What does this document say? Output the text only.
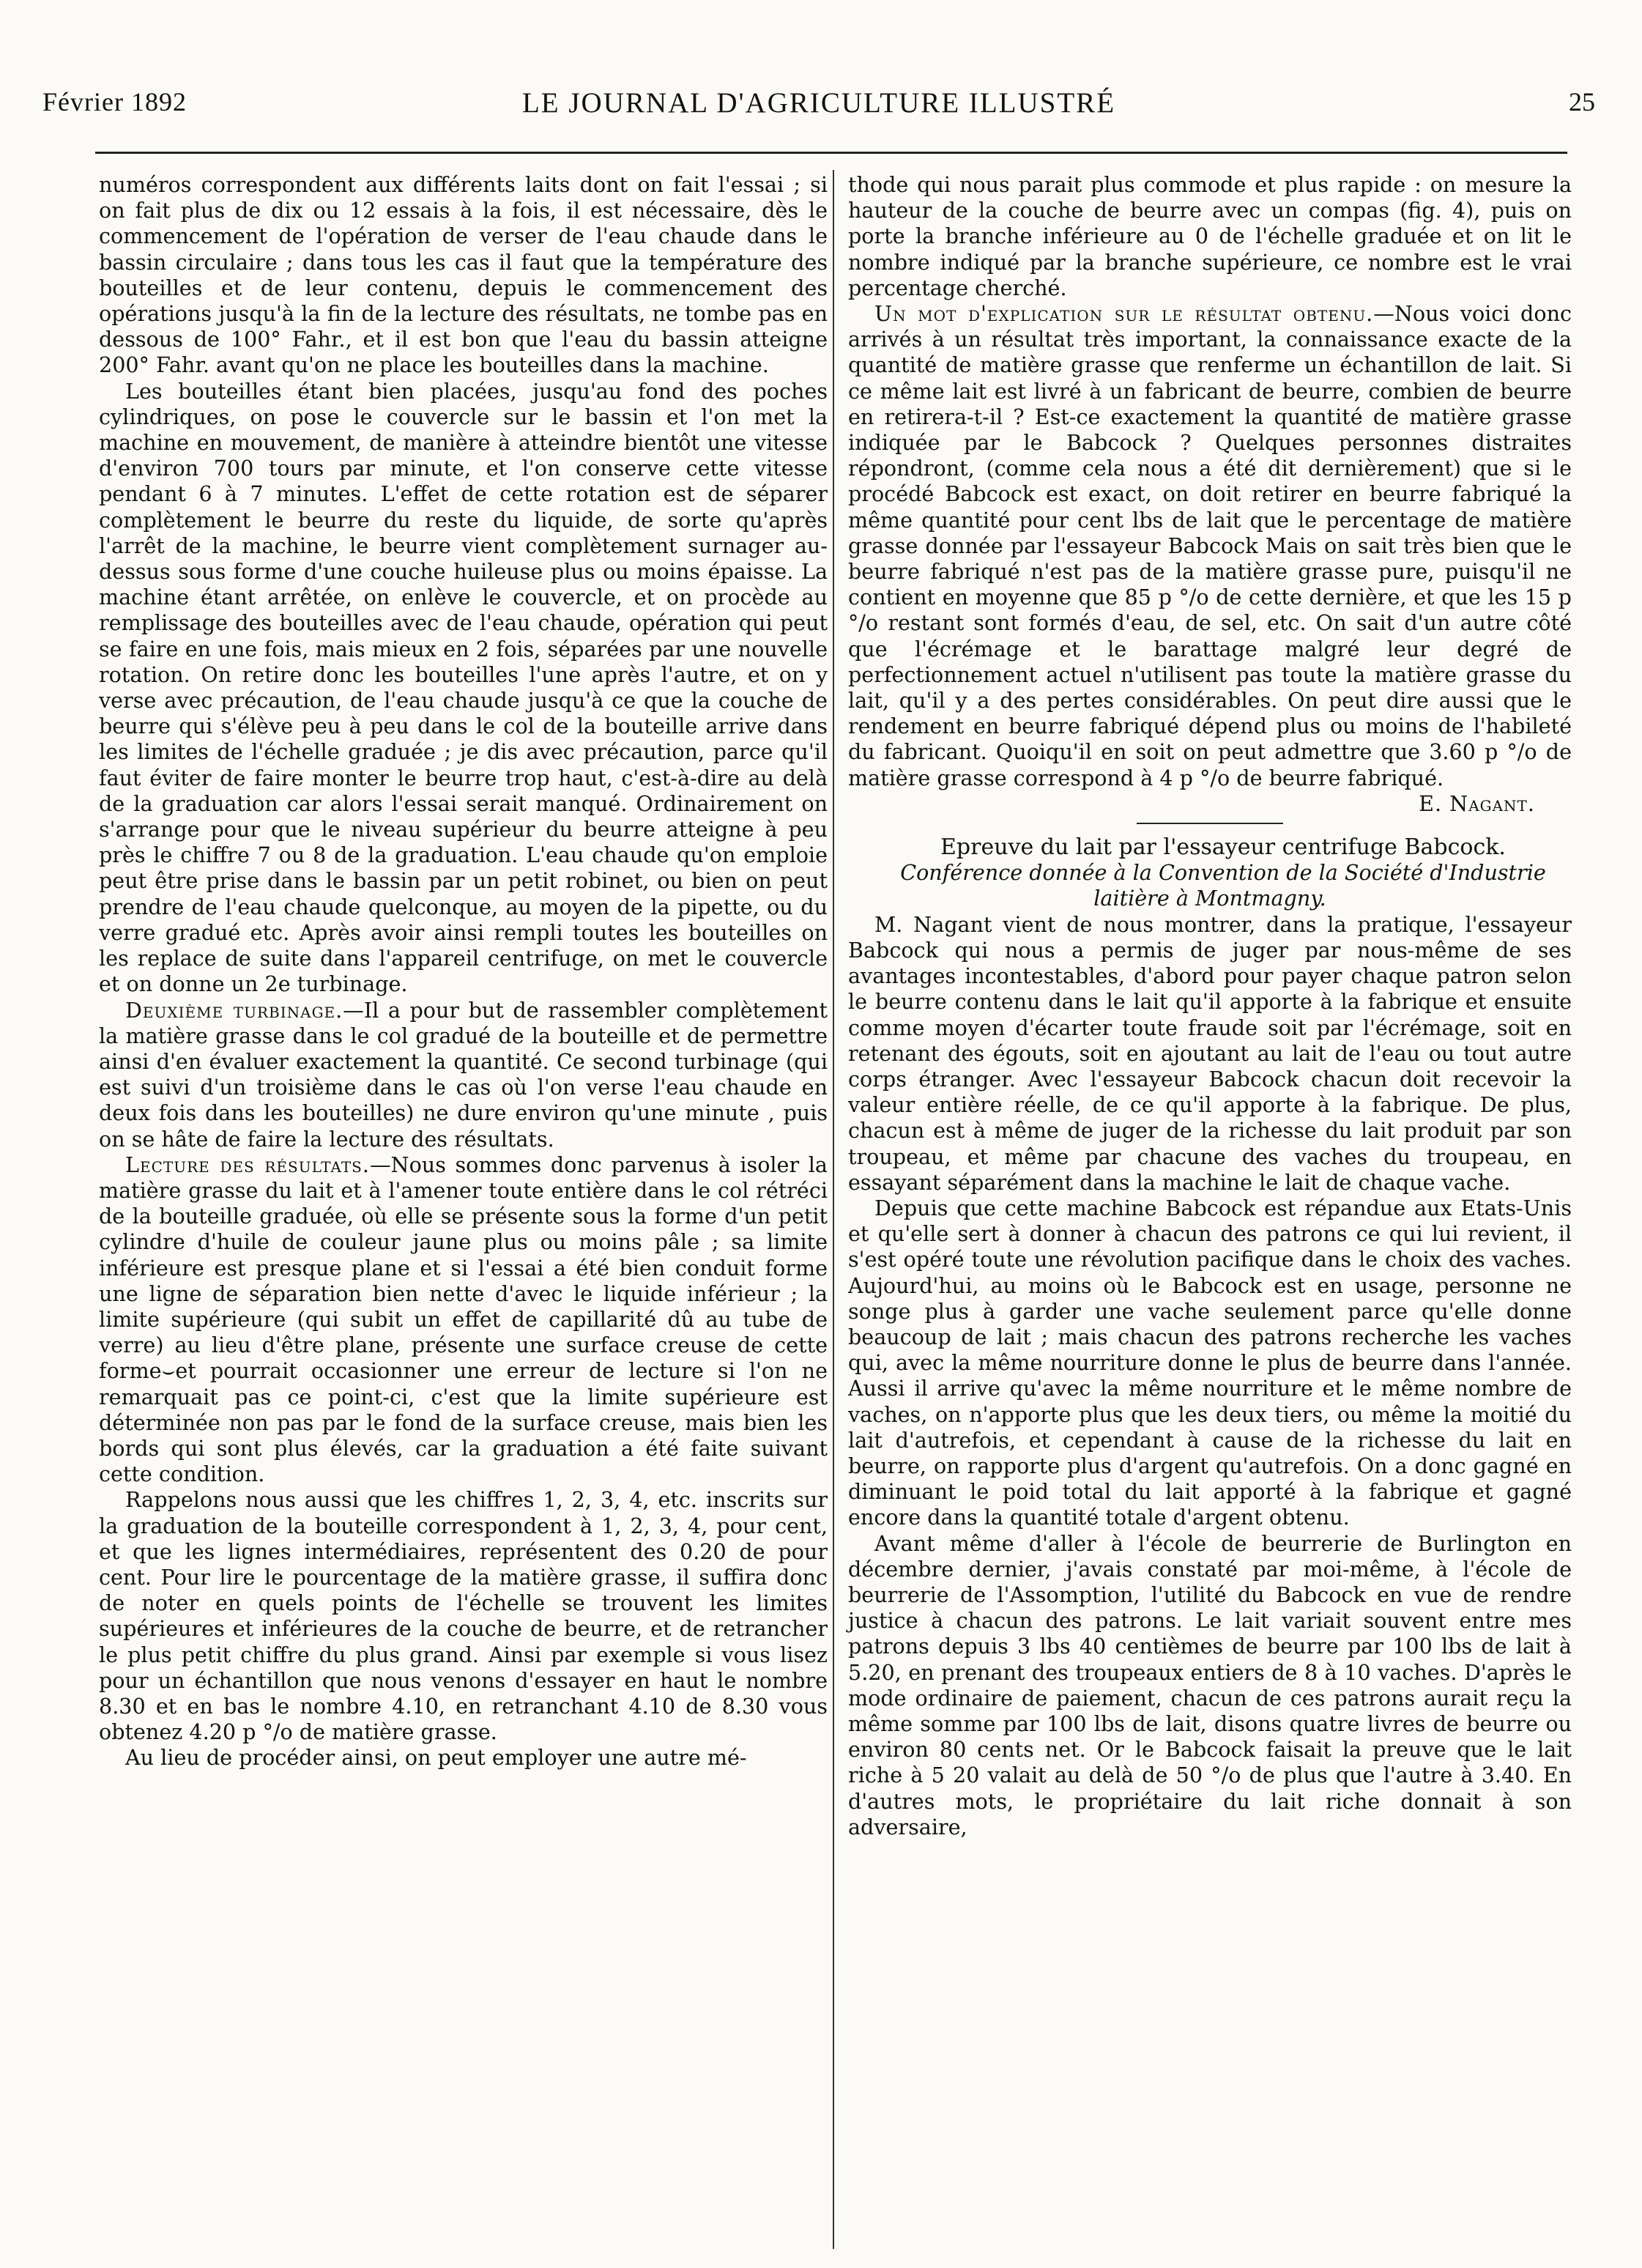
Février 1892	LE JOURNAL D'AGRICULTURE ILLUSTRÉ	25

numéros correspondent aux différents laits dont on fait l'essai ; si on fait plus de dix ou 12 essais à la fois, il est nécessaire, dès le commencement de l'opération de verser de l'eau chaude dans le bassin circulaire ; dans tous les cas il faut que la température des bouteilles et de leur contenu, depuis le commencement des opérations jusqu'à la fin de la lecture des résultats, ne tombe pas en dessous de 100° Fahr., et il est bon que l'eau du bassin atteigne 200° Fahr. avant qu'on ne place les bouteilles dans la machine.

Les bouteilles étant bien placées, jusqu'au fond des poches cylindriques, on pose le couvercle sur le bassin et l'on met la machine en mouvement, de manière à atteindre bientôt une vitesse d'environ 700 tours par minute, et l'on conserve cette vitesse pendant 6 à 7 minutes. L'effet de cette rotation est de séparer complètement le beurre du reste du liquide, de sorte qu'après l'arrêt de la machine, le beurre vient complètement surnager au-dessus sous forme d'une couche huileuse plus ou moins épaisse. La machine étant arrêtée, on enlève le couvercle, et on procède au remplissage des bouteilles avec de l'eau chaude, opération qui peut se faire en une fois, mais mieux en 2 fois, séparées par une nouvelle rotation. On retire donc les bouteilles l'une après l'autre, et on y verse avec précaution, de l'eau chaude jusqu'à ce que la couche de beurre qui s'élève peu à peu dans le col de la bouteille arrive dans les limites de l'échelle graduée ; je dis avec précaution, parce qu'il faut éviter de faire monter le beurre trop haut, c'est-à-dire au delà de la graduation car alors l'essai serait manqué. Ordinairement on s'arrange pour que le niveau supérieur du beurre atteigne à peu près le chiffre 7 ou 8 de la graduation. L'eau chaude qu'on emploie peut être prise dans le bassin par un petit robinet, ou bien on peut prendre de l'eau chaude quelconque, au moyen de la pipette, ou du verre gradué etc. Après avoir ainsi rempli toutes les bouteilles on les replace de suite dans l'appareil centrifuge, on met le couvercle et on donne un 2e turbinage.

Deuxième turbinage.—Il a pour but de rassembler complètement la matière grasse dans le col gradué de la bouteille et de permettre ainsi d'en évaluer exactement la quantité. Ce second turbinage (qui est suivi d'un troisième dans le cas où l'on verse l'eau chaude en deux fois dans les bouteilles) ne dure environ qu'une minute , puis on se hâte de faire la lecture des résultats.

Lecture des résultats.—Nous sommes donc parvenus à isoler la matière grasse du lait et à l'amener toute entière dans le col rétréci de la bouteille graduée, où elle se présente sous la forme d'un petit cylindre d'huile de couleur jaune plus ou moins pâle ; sa limite inférieure est presque plane et si l'essai a été bien conduit forme une ligne de séparation bien nette d'avec le liquide inférieur ; la limite supérieure (qui subit un effet de capillarité dû au tube de verre) au lieu d'être plane, présente une surface creuse de cette forme⌣et pourrait occasionner une erreur de lecture si l'on ne remarquait pas ce point-ci, c'est que la limite supérieure est déterminée non pas par le fond de la surface creuse, mais bien les bords qui sont plus élevés, car la graduation a été faite suivant cette condition.

Rappelons nous aussi que les chiffres 1, 2, 3, 4, etc. inscrits sur la graduation de la bouteille correspondent à 1, 2, 3, 4, pour cent, et que les lignes intermédiaires, représentent des 0.20 de pour cent. Pour lire le pourcentage de la matière grasse, il suffira donc de noter en quels points de l'échelle se trouvent les limites supérieures et inférieures de la couche de beurre, et de retrancher le plus petit chiffre du plus grand. Ainsi par exemple si vous lisez pour un échantillon que nous venons d'essayer en haut le nombre 8.30 et en bas le nombre 4.10, en retranchant 4.10 de 8.30 vous obtenez 4.20 p °/o de matière grasse.

Au lieu de procéder ainsi, on peut employer une autre mé-

thode qui nous parait plus commode et plus rapide : on mesure la hauteur de la couche de beurre avec un compas (fig. 4), puis on porte la branche inférieure au 0 de l'échelle graduée et on lit le nombre indiqué par la branche supérieure, ce nombre est le vrai percentage cherché.

Un mot d'explication sur le résultat obtenu.—Nous voici donc arrivés à un résultat très important, la connaissance exacte de la quantité de matière grasse que renferme un échantillon de lait. Si ce même lait est livré à un fabricant de beurre, combien de beurre en retirera-t-il ? Est-ce exactement la quantité de matière grasse indiquée par le Babcock ? Quelques personnes distraites répondront, (comme cela nous a été dit dernièrement) que si le procédé Babcock est exact, on doit retirer en beurre fabriqué la même quantité pour cent lbs de lait que le percentage de matière grasse donnée par l'essayeur Babcock Mais on sait très bien que le beurre fabriqué n'est pas de la matière grasse pure, puisqu'il ne contient en moyenne que 85 p °/o de cette dernière, et que les 15 p °/o restant sont formés d'eau, de sel, etc. On sait d'un autre côté que l'écrémage et le barattage malgré leur degré de perfectionnement actuel n'utilisent pas toute la matière grasse du lait, qu'il y a des pertes considérables. On peut dire aussi que le rendement en beurre fabriqué dépend plus ou moins de l'habileté du fabricant. Quoiqu'il en soit on peut admettre que 3.60 p °/o de matière grasse correspond à 4 p °/o de beurre fabriqué.

E. Nagant.

Epreuve du lait par l'essayeur centrifuge Babcock.

Conférence donnée à la Convention de la Société d'Industrie
laitière à Montmagny.

M. Nagant vient de nous montrer, dans la pratique, l'essayeur Babcock qui nous a permis de juger par nous-même de ses avantages incontestables, d'abord pour payer chaque patron selon le beurre contenu dans le lait qu'il apporte à la fabrique et ensuite comme moyen d'écarter toute fraude soit par l'écrémage, soit en retenant des égouts, soit en ajoutant au lait de l'eau ou tout autre corps étranger. Avec l'essayeur Babcock chacun doit recevoir la valeur entière réelle, de ce qu'il apporte à la fabrique. De plus, chacun est à même de juger de la richesse du lait produit par son troupeau, et même par chacune des vaches du troupeau, en essayant séparément dans la machine le lait de chaque vache.

Depuis que cette machine Babcock est répandue aux Etats-Unis et qu'elle sert à donner à chacun des patrons ce qui lui revient, il s'est opéré toute une révolution pacifique dans le choix des vaches. Aujourd'hui, au moins où le Babcock est en usage, personne ne songe plus à garder une vache seulement parce qu'elle donne beaucoup de lait ; mais chacun des patrons recherche les vaches qui, avec la même nourriture donne le plus de beurre dans l'année. Aussi il arrive qu'avec la même nourriture et le même nombre de vaches, on n'apporte plus que les deux tiers, ou même la moitié du lait d'autrefois, et cependant à cause de la richesse du lait en beurre, on rapporte plus d'argent qu'autrefois. On a donc gagné en diminuant le poid total du lait apporté à la fabrique et gagné encore dans la quantité totale d'argent obtenu.

Avant même d'aller à l'école de beurrerie de Burlington en décembre dernier, j'avais constaté par moi-même, à l'école de beurrerie de l'Assomption, l'utilité du Babcock en vue de rendre justice à chacun des patrons. Le lait variait souvent entre mes patrons depuis 3 lbs 40 centièmes de beurre par 100 lbs de lait à 5.20, en prenant des troupeaux entiers de 8 à 10 vaches. D'après le mode ordinaire de paiement, chacun de ces patrons aurait reçu la même somme par 100 lbs de lait, disons quatre livres de beurre ou environ 80 cents net. Or le Babcock faisait la preuve que le lait riche à 5 20 valait au delà de 50 °/o de plus que l'autre à 3.40. En d'autres mots, le propriétaire du lait riche donnait à son adversaire,
